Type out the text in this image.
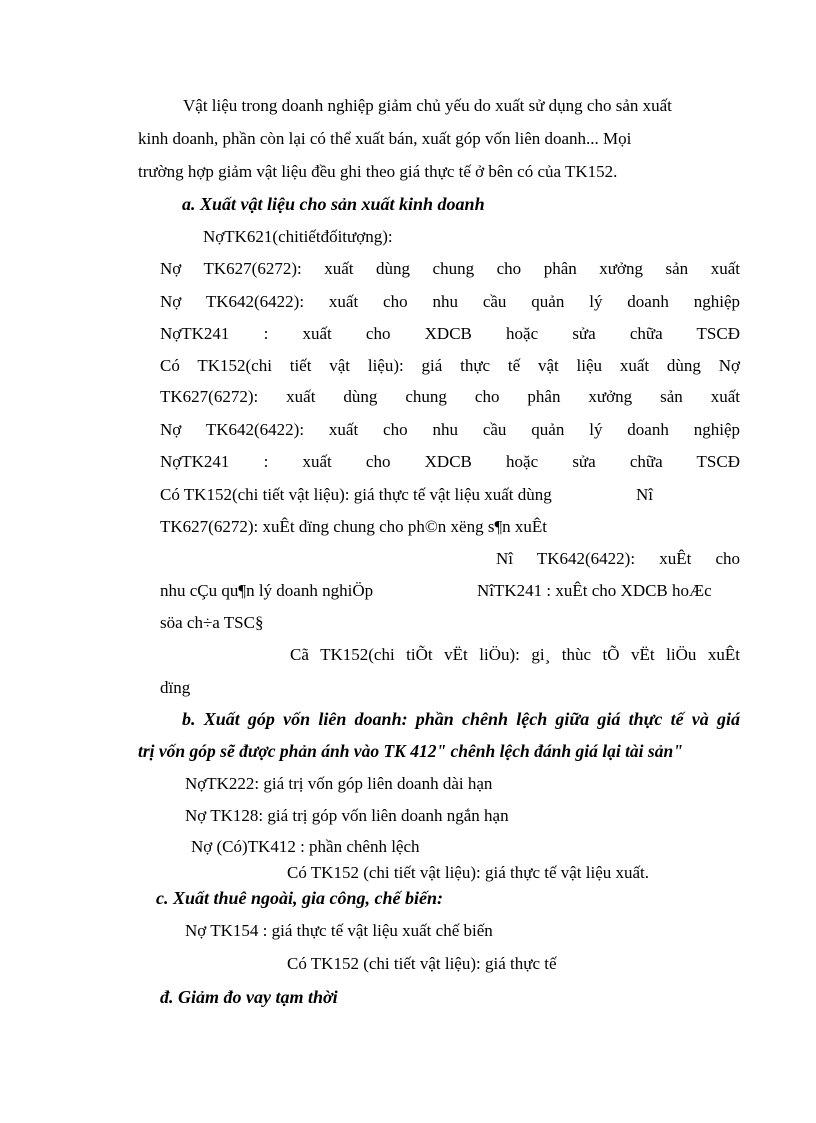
Vật liệu trong doanh nghiệp giảm chủ yếu do xuất sử dụng cho sản xuất
kinh doanh, phần còn lại có thể xuất bán, xuất góp vốn liên doanh... Mọi
trường hợp giảm vật liệu đều ghi theo giá thực tế ở bên có của TK152.
a. Xuất vật liệu cho sản xuất kinh doanh
NợTK621(chitiếtđốitượng):
Nợ TK627(6272): xuất dùng chung cho phân xưởng sản xuất
Nợ TK642(6422): xuất cho nhu cầu quản lý doanh nghiệp
NợTK241 : xuất cho XDCB hoặc sửa chữa TSCĐ
Có TK152(chi tiết vật liệu): giá thực tế vật liệu xuất dùng Nợ
TK627(6272): xuất dùng chung cho phân xưởng sản xuất
Nợ TK642(6422): xuất cho nhu cầu quản lý doanh nghiệp
NợTK241 : xuất cho XDCB hoặc sửa chữa TSCĐ
Có TK152(chi tiết vật liệu): giá thực tế vật liệu xuất dùng	Nî
TK627(6272): xuÊt dïng chung cho ph©n xëng s¶n xuÊt
Nî TK642(6422): xuÊt cho
nhu cÇu qu¶n lý doanh nghiÖp	NîTK241 : xuÊt cho XDCB hoÆc
söa ch÷a TSC§
Cã TK152(chi tiÕt vËt liÖu): gi¸ thùc tÕ vËt liÖu xuÊt
dïng
b. Xuất góp vốn liên doanh: phần chênh lệch giữa giá thực tế và giá
trị vốn góp sẽ được phản ánh vào TK 412" chênh lệch đánh giá lại tài sản"
NợTK222: giá trị vốn góp liên doanh dài hạn
Nợ TK128: giá trị góp vốn liên doanh ngắn hạn
Nợ (Có)TK412 : phần chênh lệch
Có TK152 (chi tiết vật liệu): giá thực tế vật liệu xuất.
c. Xuất thuê ngoài, gia công, chế biến:
Nợ TK154 : giá thực tế vật liệu xuất chế biến
Có TK152 (chi tiết vật liệu): giá thực tế
đ. Giảm đo vay tạm thời
